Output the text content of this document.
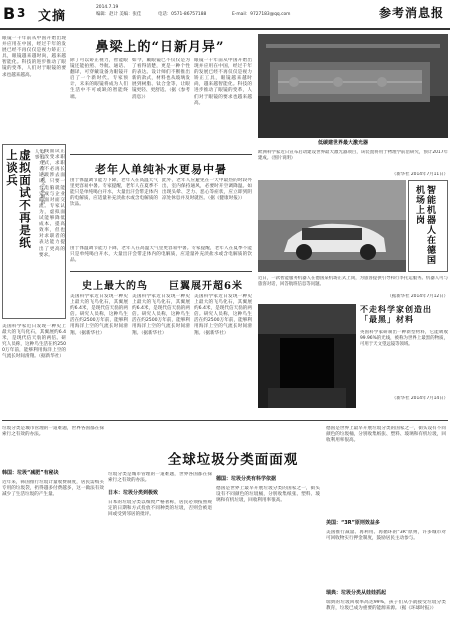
B 3 文摘
2014.7.19
编辑：赵计 美编：张佳	电话：0571-86757188	E-mail：9727183@qq.com	参考消息报
眼镜一千年前从中国开始出现并应用在中国，经过千年的发展已经不再仅仅是视力矫正工具，眼镜越来越时尚，越来越智能化。科技的进步推动了眼镜的变革，人们对于眼镜的要求也越来越高。
鼻梁上的“日新月异”
除了可以矫正视力，智能眼镜还能拍照、导航、通话、翻译，可穿戴设备为眼镜开启了一个新时代。专家预计，未来的眼镜将成为人们生活中不可或缺的智能终端。
如今，戴眼镜已不仅仅是为了看得清楚，更是一种个性的表达。设计师们不断推出新的款式，材料也从玻璃发展到树脂、钛合金等，让眼镜更轻、更舒适。（据《参考消息》）
眼镜一千年前从中国开始出现并应用在中国，经过千年的发展已经不再仅仅是视力矫正工具，眼镜越来越时尚，越来越智能化。科技的进步推动了眼镜的变革，人们对于眼镜的要求也越来越高。
虚拟面试不再是纸上谈兵	以往老年人或不起眼的人事 在线面试正在改变求职方式，求职者不必再长途跋涉去面试，只要一台电脑就能完成与企业的面对面交流。专家认为，虚拟面试能够降低成本、提高效率，但也对求职者的表达能力提出了更高的要求。
老年人单纯补水更易中暑
由于体温调节能力下降，老年人在高温天气里更容易中暑。专家提醒，老年人在夏季不能只是单纯喝白开水，大量出汗会带走体内的电解质，应适量补充淡盐水或含电解质的饮品。
此外，老年人应避免在一天中最热的时段外出，室内保持通风，必要时开空调降温。如出现头晕、乏力、恶心等症状，应立即到阴凉处休息并及时就医。（据《健康时报》）
由于体温调节能力下降，老年人在高温天气里更容易中暑。专家提醒，老年人在夏季不能只是单纯喝白开水，大量出汗会带走体内的电解质，应适量补充淡盐水或含电解质的饮品。
史上最大的鸟	巨翼展开超6米
美国科学家近日发现一种史上最大的飞鸟化石，其翼展约6.4米，是现代信天翁的两倍。研究人员称，这种鸟生活在约2500万年前，能够利用海洋上空的气流长时间滑翔。（据新华社）
美国科学家近日发现一种史上最大的飞鸟化石，其翼展约6.4米，是现代信天翁的两倍。研究人员称，这种鸟生活在约2500万年前，能够利用海洋上空的气流长时间滑翔。（据新华社）
美国科学家近日发现一种史上最大的飞鸟化石，其翼展约6.4米，是现代信天翁的两倍。研究人员称，这种鸟生活在约2500万年前，能够利用海洋上空的气流长时间滑翔。（据新华社）
美国科学家近日发现一种史上最大的飞鸟化石，其翼展约6.4米，是现代信天翁的两倍。研究人员称，这种鸟生活在约2500万年前，能够利用海洋上空的气流长时间滑翔。（据新华社）
低碳建世界最大激光器
欧洲科学家近日宣布启动建设世界最大激光器项目，该装置将用于物理学前沿研究，预计2017年建成。（图片说明）
（新华社 2014年7月11日）
智能机器人在德国机场上岗
近日，一款智能服务机器人在德国某机场正式上岗，为旅客提供引导和行李托运服务。机器人可与旅客对话，回答航班信息等问题。
（据新华社 2014年7月12日）
不走科学家创造出「最黑」材料
英国科学家研制出一种新型材料，它能吸收99.96%的光线，被称为世界上最黑的物质，可用于天文望远镜等领域。
（新华社 2014年7月14日）
垃圾分类是城市管理的一道难题，世界各国都在探索行之有效的办法。
韩国：垃圾“减肥”有秘诀
近年来，韩国推行垃圾计量收费制度，居民需购买专用的垃圾袋，扔得越多付费越多，这一做法有效减少了生活垃圾的产生量。
全球垃圾分类面面观
垃圾分类是城市管理的一道难题，世界各国都在探索行之有效的办法。
日本：垃圾分类到极致
日本的垃圾分类以细致严格著称，居民必须按照规定的日期和方式投放不同种类的垃圾，否则会被退回或受到邻居的批评。
德国：垃圾分类有科学依据
德国是世界上最早开展垃圾分类的国家之一，街头设有不同颜色的垃圾桶，分别收集纸张、塑料、玻璃和有机垃圾，回收利用率很高。
美国：“3R”原则效益多
德国是世界上最早开展垃圾分类的国家之一，街头设有不同颜色的垃圾桶，分别收集纸张、塑料、玻璃和有机垃圾，回收利用率很高。
美国推行减量、再利用、再循环的“3R”原则，许多城市对可回收物实行押金制度，鼓励居民主动参与。
瑞典：垃圾分类从娃娃抓起
瑞典的垃圾回收率高达99%，孩子们从小就接受垃圾分类教育，垃圾已成为重要的能源来源。（据《环球时报》）
